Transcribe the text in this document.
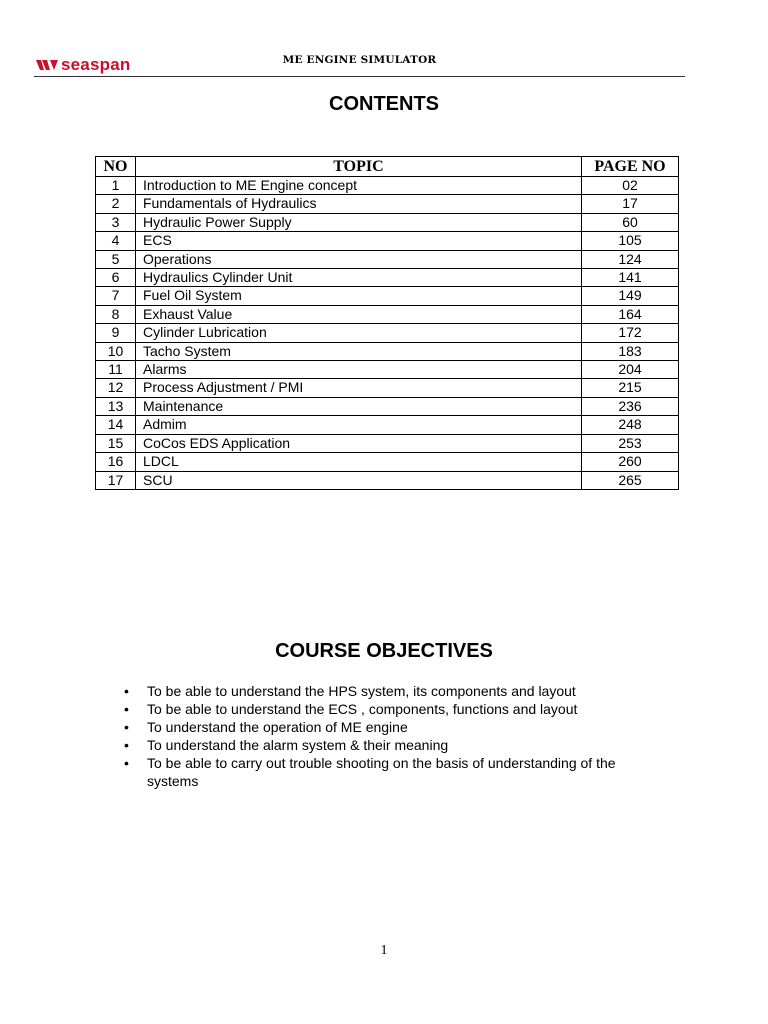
seaspan	ME ENGINE SIMULATOR
CONTENTS
NO	TOPIC	PAGE NO
1	Introduction to ME Engine concept	02
2	Fundamentals of Hydraulics	17
3	Hydraulic Power Supply	60
4	ECS	105
5	Operations	124
6	Hydraulics Cylinder Unit	141
7	Fuel Oil System	149
8	Exhaust Value	164
9	Cylinder Lubrication	172
10	Tacho System	183
11	Alarms	204
12	Process Adjustment / PMI	215
13	Maintenance	236
14	Admim	248
15	CoCos EDS Application	253
16	LDCL	260
17	SCU	265
COURSE OBJECTIVES
• To be able to understand the HPS system, its components and layout
• To be able to understand the ECS , components, functions and layout
• To understand the operation of ME engine
• To understand the alarm system & their meaning
• To be able to carry out trouble shooting on the basis of understanding of the systems
1
